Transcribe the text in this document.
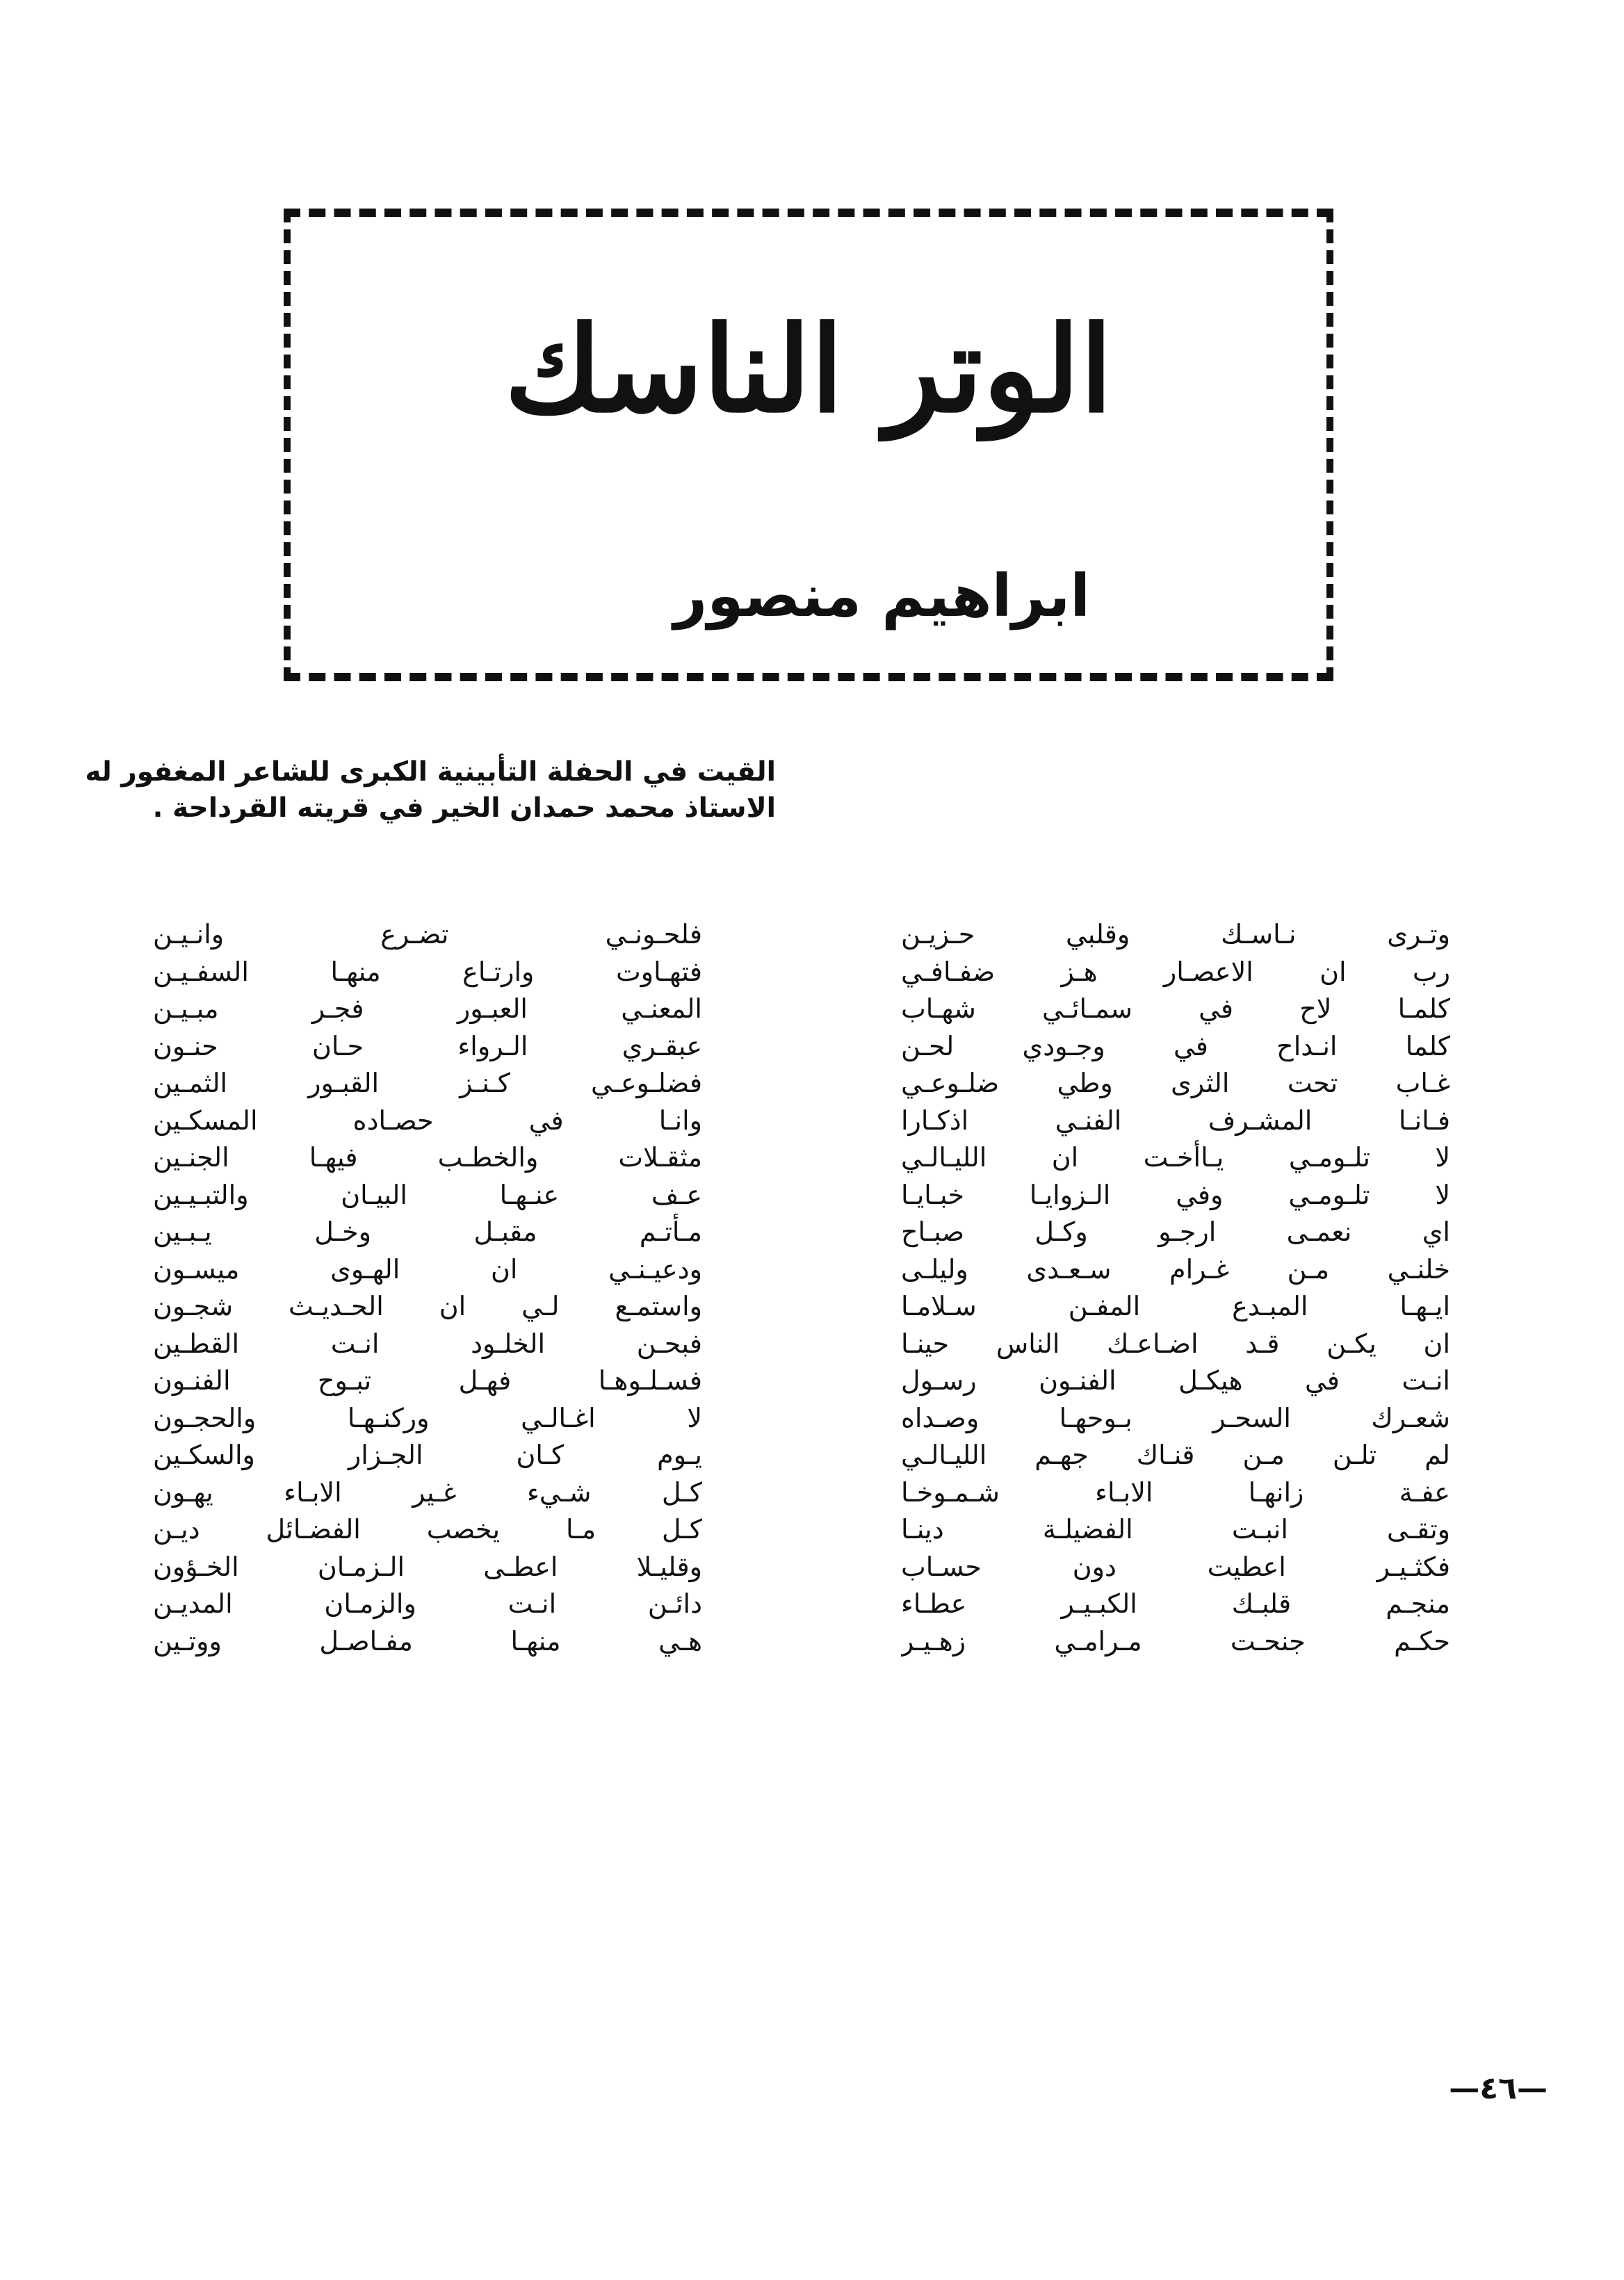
الوتر الناسك
ابراهيم منصور
القيت في الحفلة التأبينية الكبرى للشاعر المغفور له
الاستاذ محمد حمدان الخير في قريته القرداحة .
وتـرى نـاسـك وقلبي حـزيـن
رب ان الاعصـار هـز ضفـافـي
كلمـا لاح في سمـائـي شهـاب
كلما انـداح في وجـودي لحـن
غـاب تحت الثرى وطي ضلـوعـي
فـانـا المشـرف الفنـي اذكـارا
لا تلـومـي يـاأخـت ان الليـالـي
لا تلـومـي وفي الـزوايـا خبـايـا
اي نعمـى ارجـو وكـل صبـاح
خلنـي مـن غـرام سـعـدى وليلـى
ايـهـا المبـدع المفـن سـلامـا
ان يكـن قـد اضـاعـك الناس حينـا
انـت في هيكـل الفنـون رسـول
شعـرك السحـر بـوحهـا وصـداه
لم تلـن مـن قنـاك جهـم الليـالـي
عفـة زانهـا الابـاء شـمـوخـا
وتقـى انبـت الفضيلـة دينـا
فكثـيـر اعطيت دون حسـاب
منجـم قلبـك الكبـيـر عطـاء
حكـم جنحـت مـرامـي زهـيـر
فلحـونـي تضـرع وانـيـن
فتهـاوت وارتـاع منهـا السفـيـن
المعنـي العبـور فجـر مبـيـن
عبقـري الـرواء حـان حنـون
فضلـوعـي كـنـز القبـور الثمـين
وانـا في حصـاده المسكـين
مثقـلات والخطـب فيهـا الجنـين
عـف عنـهـا البيـان والتبـيـين
مـأتـم مقبـل وخـل يـبـين
ودعيـنـي ان الهـوى ميسـون
واستمـع لـي ان الحـديـث شجـون
فبحـن الخلـود انـت القطـين
فسـلـوهـا فهـل تبـوح الفنـون
لا اغـالـي وركنـهـا والحجـون
يـوم كـان الجـزار والسكـين
كـل شـيء غـير الابـاء يهـون
كـل مـا يخصب الفضـائل ديـن
وقليـلا اعطـى الـزمـان الخـؤون
دائـن انـت والزمـان المديـن
هـي منهـا مفـاصـل ووتـين
—٤٦—
